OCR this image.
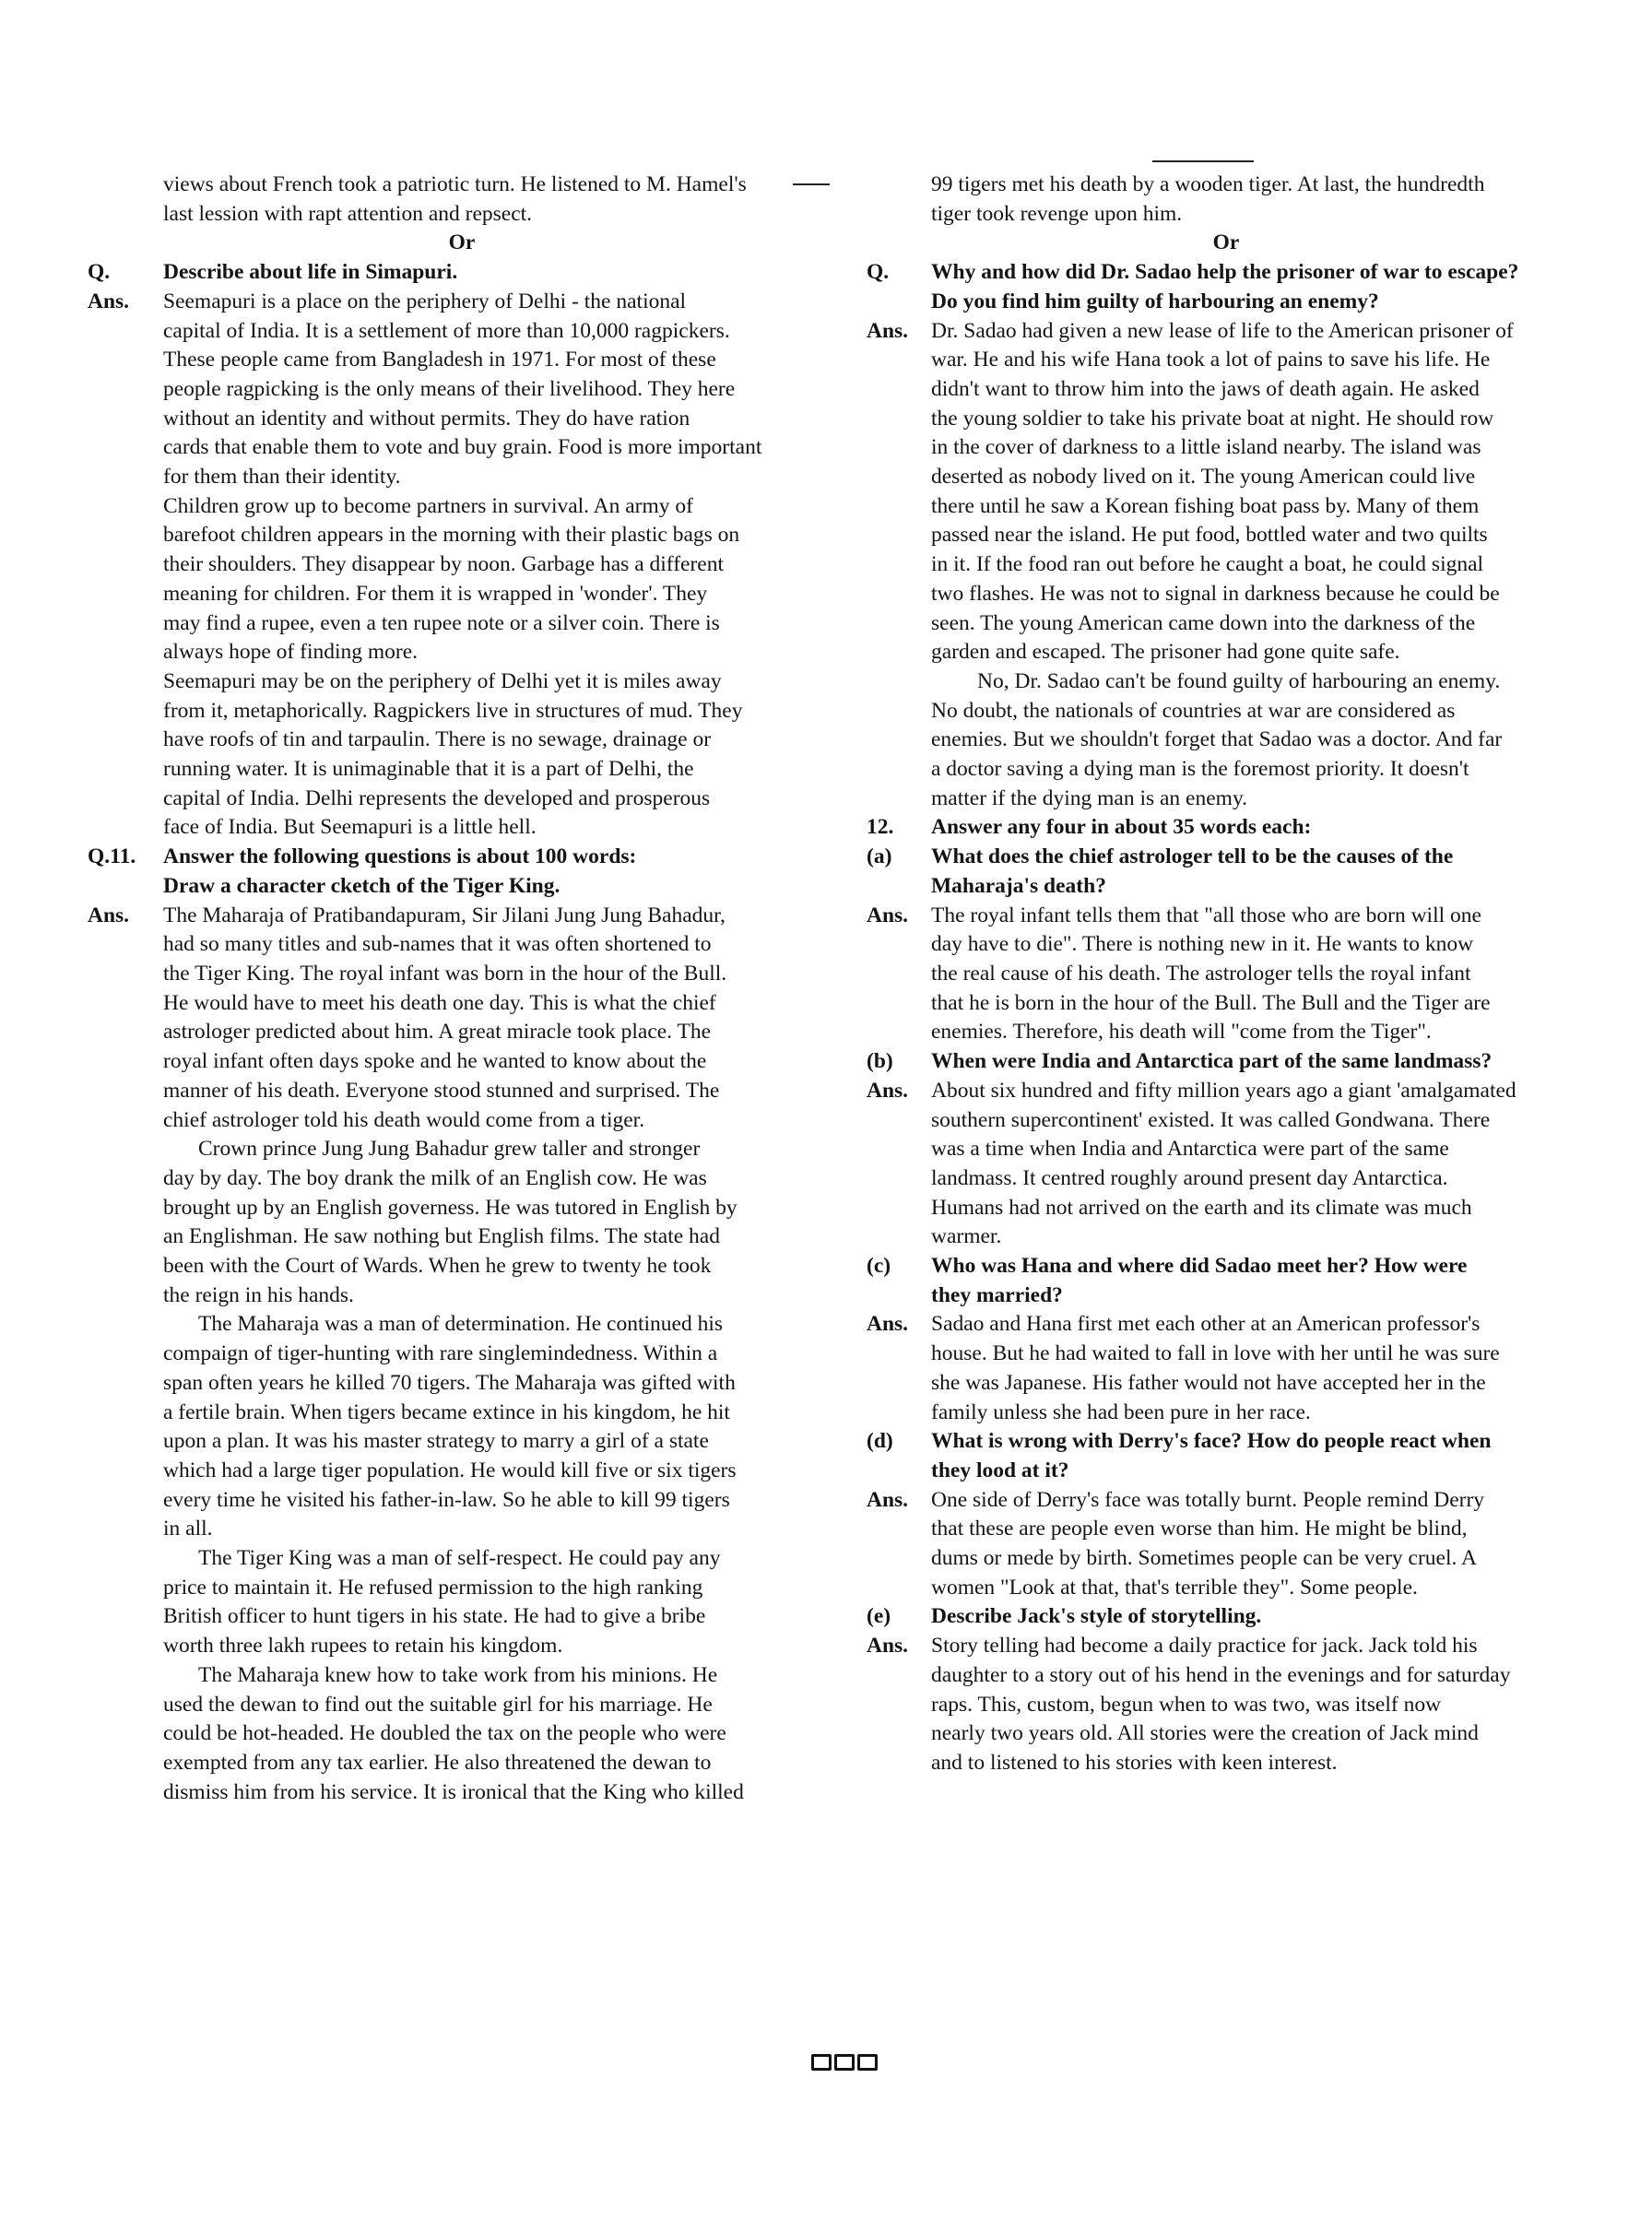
views about French took a patriotic turn. He listened to M. Hamel's
last lession with rapt attention and repsect.
Or
Q. Describe about life in Simapuri.
Ans. Seemapuri is a place on the periphery of Delhi - the national
capital of India. It is a settlement of more than 10,000 ragpickers.
These people came from Bangladesh in 1971. For most of these
people ragpicking is the only means of their livelihood. They here
without an identity and without permits. They do have ration
cards that enable them to vote and buy grain. Food is more important
for them than their identity.
Children grow up to become partners in survival. An army of
barefoot children appears in the morning with their plastic bags on
their shoulders. They disappear by noon. Garbage has a different
meaning for children. For them it is wrapped in 'wonder'. They
may find a rupee, even a ten rupee note or a silver coin. There is
always hope of finding more.
Seemapuri may be on the periphery of Delhi yet it is miles away
from it, metaphorically. Ragpickers live in structures of mud. They
have roofs of tin and tarpaulin. There is no sewage, drainage or
running water. It is unimaginable that it is a part of Delhi, the
capital of India. Delhi represents the developed and prosperous
face of India. But Seemapuri is a little hell.
Q.11. Answer the following questions is about 100 words:
Draw a character cketch of the Tiger King.
Ans. The Maharaja of Pratibandapuram, Sir Jilani Jung Jung Bahadur,
had so many titles and sub-names that it was often shortened to
the Tiger King. The royal infant was born in the hour of the Bull.
He would have to meet his death one day. This is what the chief
astrologer predicted about him. A great miracle took place. The
royal infant often days spoke and he wanted to know about the
manner of his death. Everyone stood stunned and surprised. The
chief astrologer told his death would come from a tiger.
Crown prince Jung Jung Bahadur grew taller and stronger
day by day. The boy drank the milk of an English cow. He was
brought up by an English governess. He was tutored in English by
an Englishman. He saw nothing but English films. The state had
been with the Court of Wards. When he grew to twenty he took
the reign in his hands.
The Maharaja was a man of determination. He continued his
compaign of tiger-hunting with rare singlemindedness. Within a
span often years he killed 70 tigers. The Maharaja was gifted with
a fertile brain. When tigers became extince in his kingdom, he hit
upon a plan. It was his master strategy to marry a girl of a state
which had a large tiger population. He would kill five or six tigers
every time he visited his father-in-law. So he able to kill 99 tigers
in all.
The Tiger King was a man of self-respect. He could pay any
price to maintain it. He refused permission to the high ranking
British officer to hunt tigers in his state. He had to give a bribe
worth three lakh rupees to retain his kingdom.
The Maharaja knew how to take work from his minions. He
used the dewan to find out the suitable girl for his marriage. He
could be hot-headed. He doubled the tax on the people who were
exempted from any tax earlier. He also threatened the dewan to
dismiss him from his service. It is ironical that the King who killed
99 tigers met his death by a wooden tiger. At last, the hundredth
tiger took revenge upon him.
Or
Q. Why and how did Dr. Sadao help the prisoner of war to escape?
Do you find him guilty of harbouring an enemy?
Ans. Dr. Sadao had given a new lease of life to the American prisoner of
war. He and his wife Hana took a lot of pains to save his life. He
didn't want to throw him into the jaws of death again. He asked
the young soldier to take his private boat at night. He should row
in the cover of darkness to a little island nearby. The island was
deserted as nobody lived on it. The young American could live
there until he saw a Korean fishing boat pass by. Many of them
passed near the island. He put food, bottled water and two quilts
in it. If the food ran out before he caught a boat, he could signal
two flashes. He was not to signal in darkness because he could be
seen. The young American came down into the darkness of the
garden and escaped. The prisoner had gone quite safe.
No, Dr. Sadao can't be found guilty of harbouring an enemy.
No doubt, the nationals of countries at war are considered as
enemies. But we shouldn't forget that Sadao was a doctor. And far
a doctor saving a dying man is the foremost priority. It doesn't
matter if the dying man is an enemy.
12. Answer any four in about 35 words each:
(a) What does the chief astrologer tell to be the causes of the
Maharaja's death?
Ans. The royal infant tells them that "all those who are born will one
day have to die". There is nothing new in it. He wants to know
the real cause of his death. The astrologer tells the royal infant
that he is born in the hour of the Bull. The Bull and the Tiger are
enemies. Therefore, his death will "come from the Tiger".
(b) When were India and Antarctica part of the same landmass?
Ans. About six hundred and fifty million years ago a giant 'amalgamated
southern supercontinent' existed. It was called Gondwana. There
was a time when India and Antarctica were part of the same
landmass. It centred roughly around present day Antarctica.
Humans had not arrived on the earth and its climate was much
warmer.
(c) Who was Hana and where did Sadao meet her? How were
they married?
Ans. Sadao and Hana first met each other at an American professor's
house. But he had waited to fall in love with her until he was sure
she was Japanese. His father would not have accepted her in the
family unless she had been pure in her race.
(d) What is wrong with Derry's face? How do people react when
they lood at it?
Ans. One side of Derry's face was totally burnt. People remind Derry
that these are people even worse than him. He might be blind,
dums or mede by birth. Sometimes people can be very cruel. A
women "Look at that, that's terrible they". Some people.
(e) Describe Jack's style of storytelling.
Ans. Story telling had become a daily practice for jack. Jack told his
daughter to a story out of his hend in the evenings and for saturday
raps. This, custom, begun when to was two, was itself now
nearly two years old. All stories were the creation of Jack mind
and to listened to his stories with keen interest.
